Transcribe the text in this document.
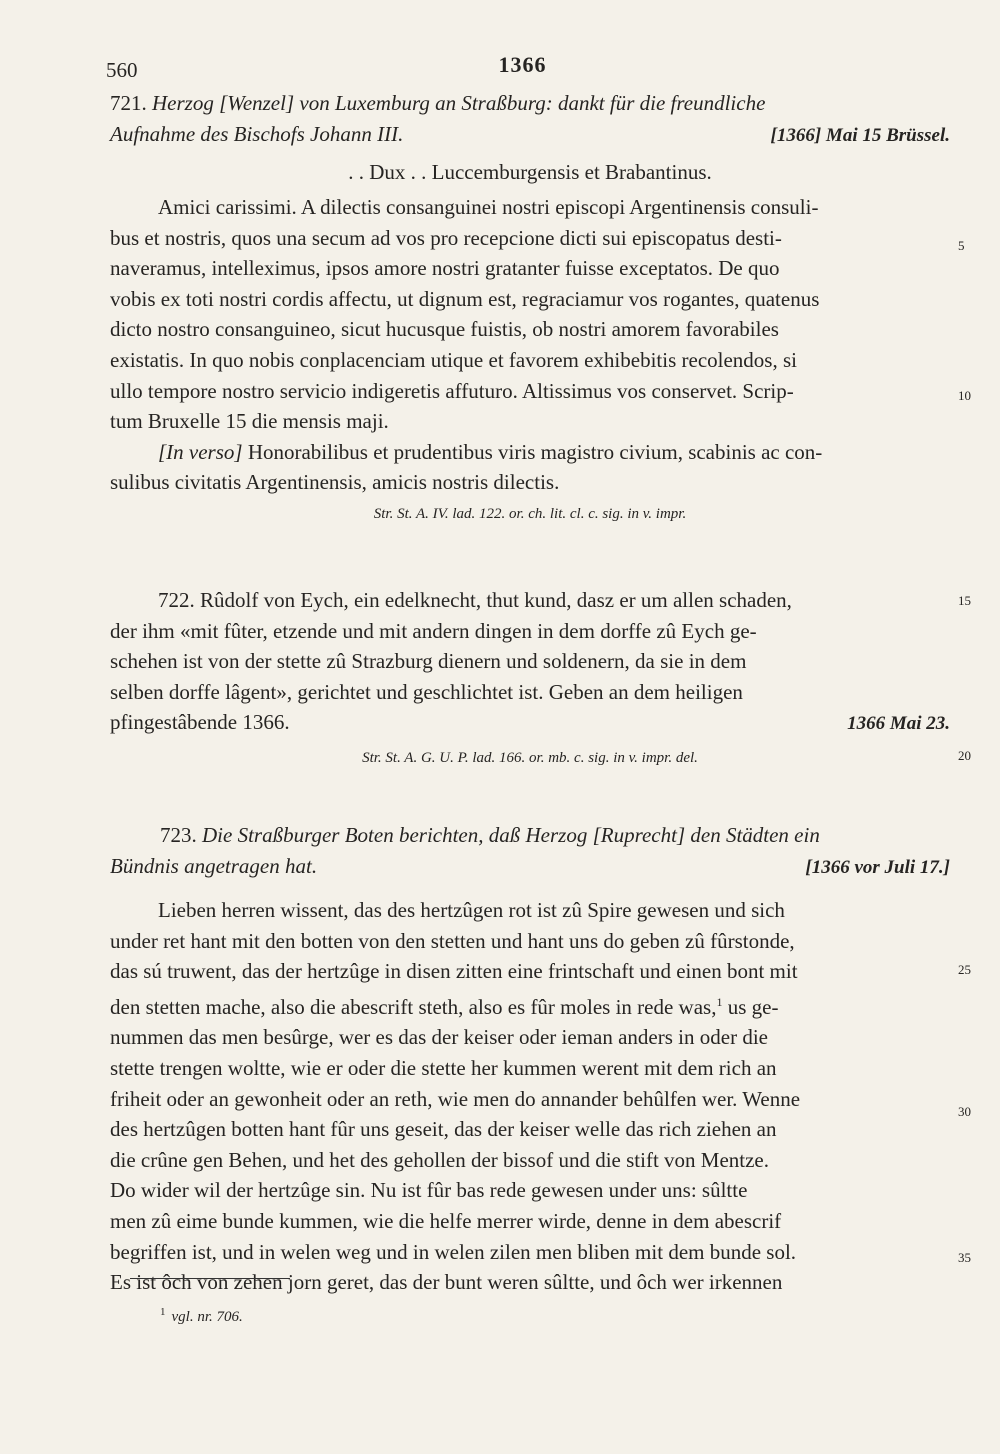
560	1366
721. Herzog [Wenzel] von Luxemburg an Straßburg: dankt für die freundliche
Aufnahme des Bischofs Johann III.	[1366] Mai 15 Brüssel.
. . Dux . . Luccemburgensis et Brabantinus.
Amici carissimi. A dilectis consanguinei nostri episcopi Argentinensis consuli-
bus et nostris, quos una secum ad vos pro recepcione dicti sui episcopatus desti-
naveramus, intelleximus, ipsos amore nostri gratanter fuisse exceptatos. De quo
vobis ex toti nostri cordis affectu, ut dignum est, regraciamur vos rogantes, quatenus
dicto nostro consanguineo, sicut hucusque fuistis, ob nostri amorem favorabiles
existatis. In quo nobis conplacenciam utique et favorem exhibebitis recolendos, si
ullo tempore nostro servicio indigeretis affuturo. Altissimus vos conservet. Scrip-
tum Bruxelle 15 die mensis maji.
[In verso] Honorabilibus et prudentibus viris magistro civium, scabinis ac con-
sulibus civitatis Argentinensis, amicis nostris dilectis.
Str. St. A. IV. lad. 122. or. ch. lit. cl. c. sig. in v. impr.
722. Rûdolf von Eych, ein edelknecht, thut kund, dasz er um allen schaden,
der ihm «mit fûter, etzende und mit andern dingen in dem dorffe zû Eych ge-
schehen ist von der stette zû Strazburg dienern und soldenern, da sie in dem
selben dorffe lâgent», gerichtet und geschlichtet ist. Geben an dem heiligen
pfingestâbende 1366.	1366 Mai 23.
Str. St. A. G. U. P. lad. 166. or. mb. c. sig. in v. impr. del.
723. Die Straßburger Boten berichten, daß Herzog [Ruprecht] den Städten ein
Bündnis angetragen hat.	[1366 vor Juli 17.]
Lieben herren wissent, das des hertzûgen rot ist zû Spire gewesen und sich
under ret hant mit den botten von den stetten und hant uns do geben zû fûrstonde,
das sú truwent, das der hertzûge in disen zitten eine frintschaft und einen bont mit
den stetten mache, also die abescrift steth, also es fûr moles in rede was,$^1$ us ge-
nummen das men besûrge, wer es das der keiser oder ieman anders in oder die
stette trengen woltte, wie er oder die stette her kummen werent mit dem rich an
friheit oder an gewonheit oder an reth, wie men do annander behûlfen wer. Wenne
des hertzûgen botten hant fûr uns geseit, das der keiser welle das rich ziehen an
die crûne gen Behen, und het des gehollen der bissof und die stift von Mentze.
Do wider wil der hertzûge sin. Nu ist fûr bas rede gewesen under uns: sûltte
men zû eime bunde kummen, wie die helfe merrer wirde, denne in dem abescrif
begriffen ist, und in welen weg und in welen zilen men bliben mit dem bunde sol.
Es ist ôch von zehen jorn geret, das der bunt weren sûltte, und ôch wer irkennen
5
10
15
20
25
30
35
$^1$ vgl. nr. 706.
